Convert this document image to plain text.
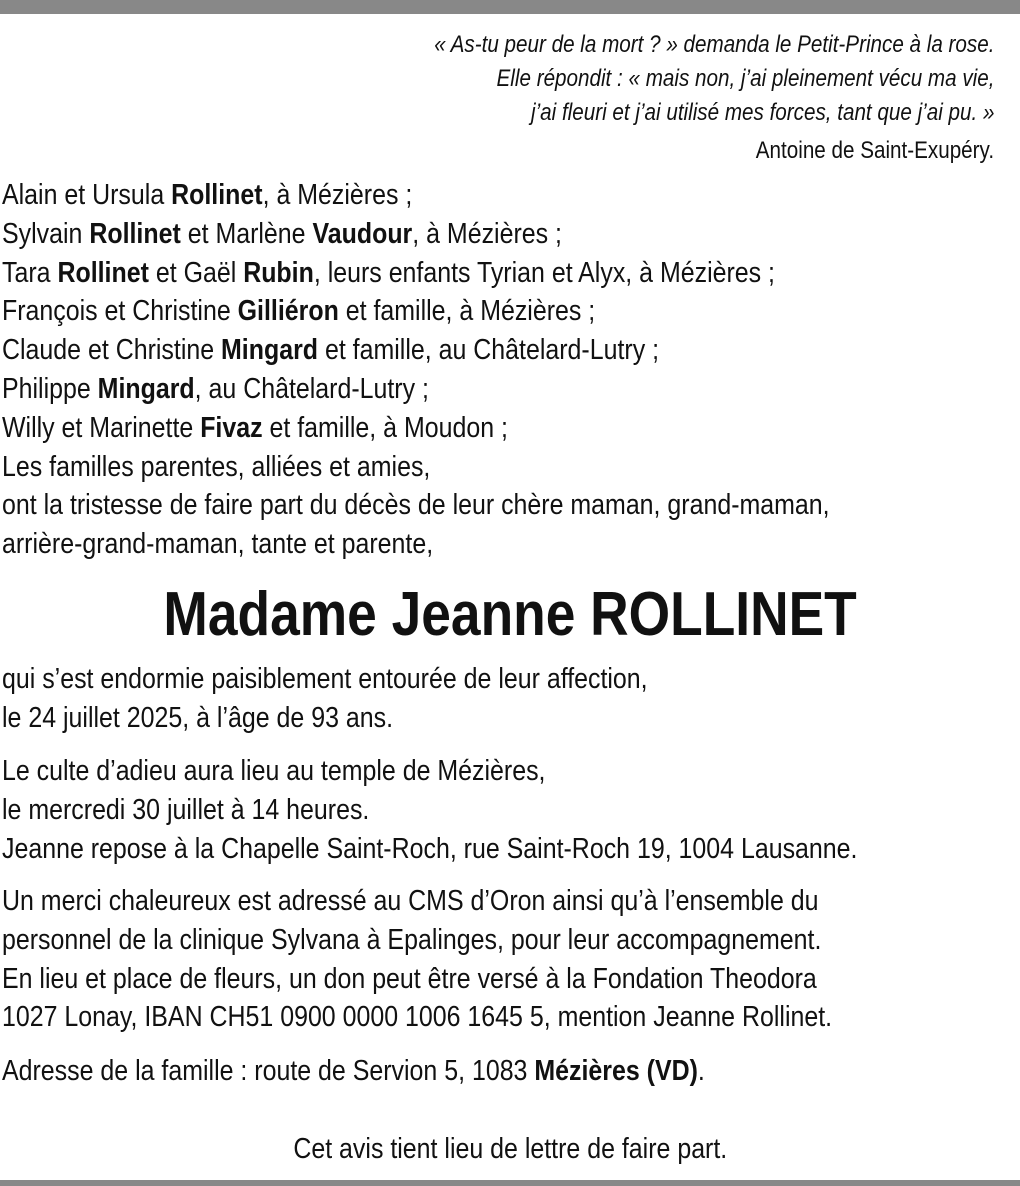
« As-tu peur de la mort ? » demanda le Petit-Prince à la rose.
Elle répondit : « mais non, j’ai pleinement vécu ma vie,
j’ai fleuri et j’ai utilisé mes forces, tant que j’ai pu. »
Antoine de Saint-Exupéry.
Alain et Ursula Rollinet, à Mézières ;
Sylvain Rollinet et Marlène Vaudour, à Mézières ;
Tara Rollinet et Gaël Rubin, leurs enfants Tyrian et Alyx, à Mézières ;
François et Christine Gilliéron et famille, à Mézières ;
Claude et Christine Mingard et famille, au Châtelard-Lutry ;
Philippe Mingard, au Châtelard-Lutry ;
Willy et Marinette Fivaz et famille, à Moudon ;
Les familles parentes, alliées et amies,
ont la tristesse de faire part du décès de leur chère maman, grand-maman,
arrière-grand-maman, tante et parente,
Madame Jeanne ROLLINET
qui s’est endormie paisiblement entourée de leur affection,
le 24 juillet 2025, à l’âge de 93 ans.
Le culte d’adieu aura lieu au temple de Mézières,
le mercredi 30 juillet à 14 heures.
Jeanne repose à la Chapelle Saint-Roch, rue Saint-Roch 19, 1004 Lausanne.
Un merci chaleureux est adressé au CMS d’Oron ainsi qu’à l’ensemble du
personnel de la clinique Sylvana à Epalinges, pour leur accompagnement.
En lieu et place de fleurs, un don peut être versé à la Fondation Theodora
1027 Lonay, IBAN CH51 0900 0000 1006 1645 5, mention Jeanne Rollinet.
Adresse de la famille : route de Servion 5, 1083 Mézières (VD).
Cet avis tient lieu de lettre de faire part.
